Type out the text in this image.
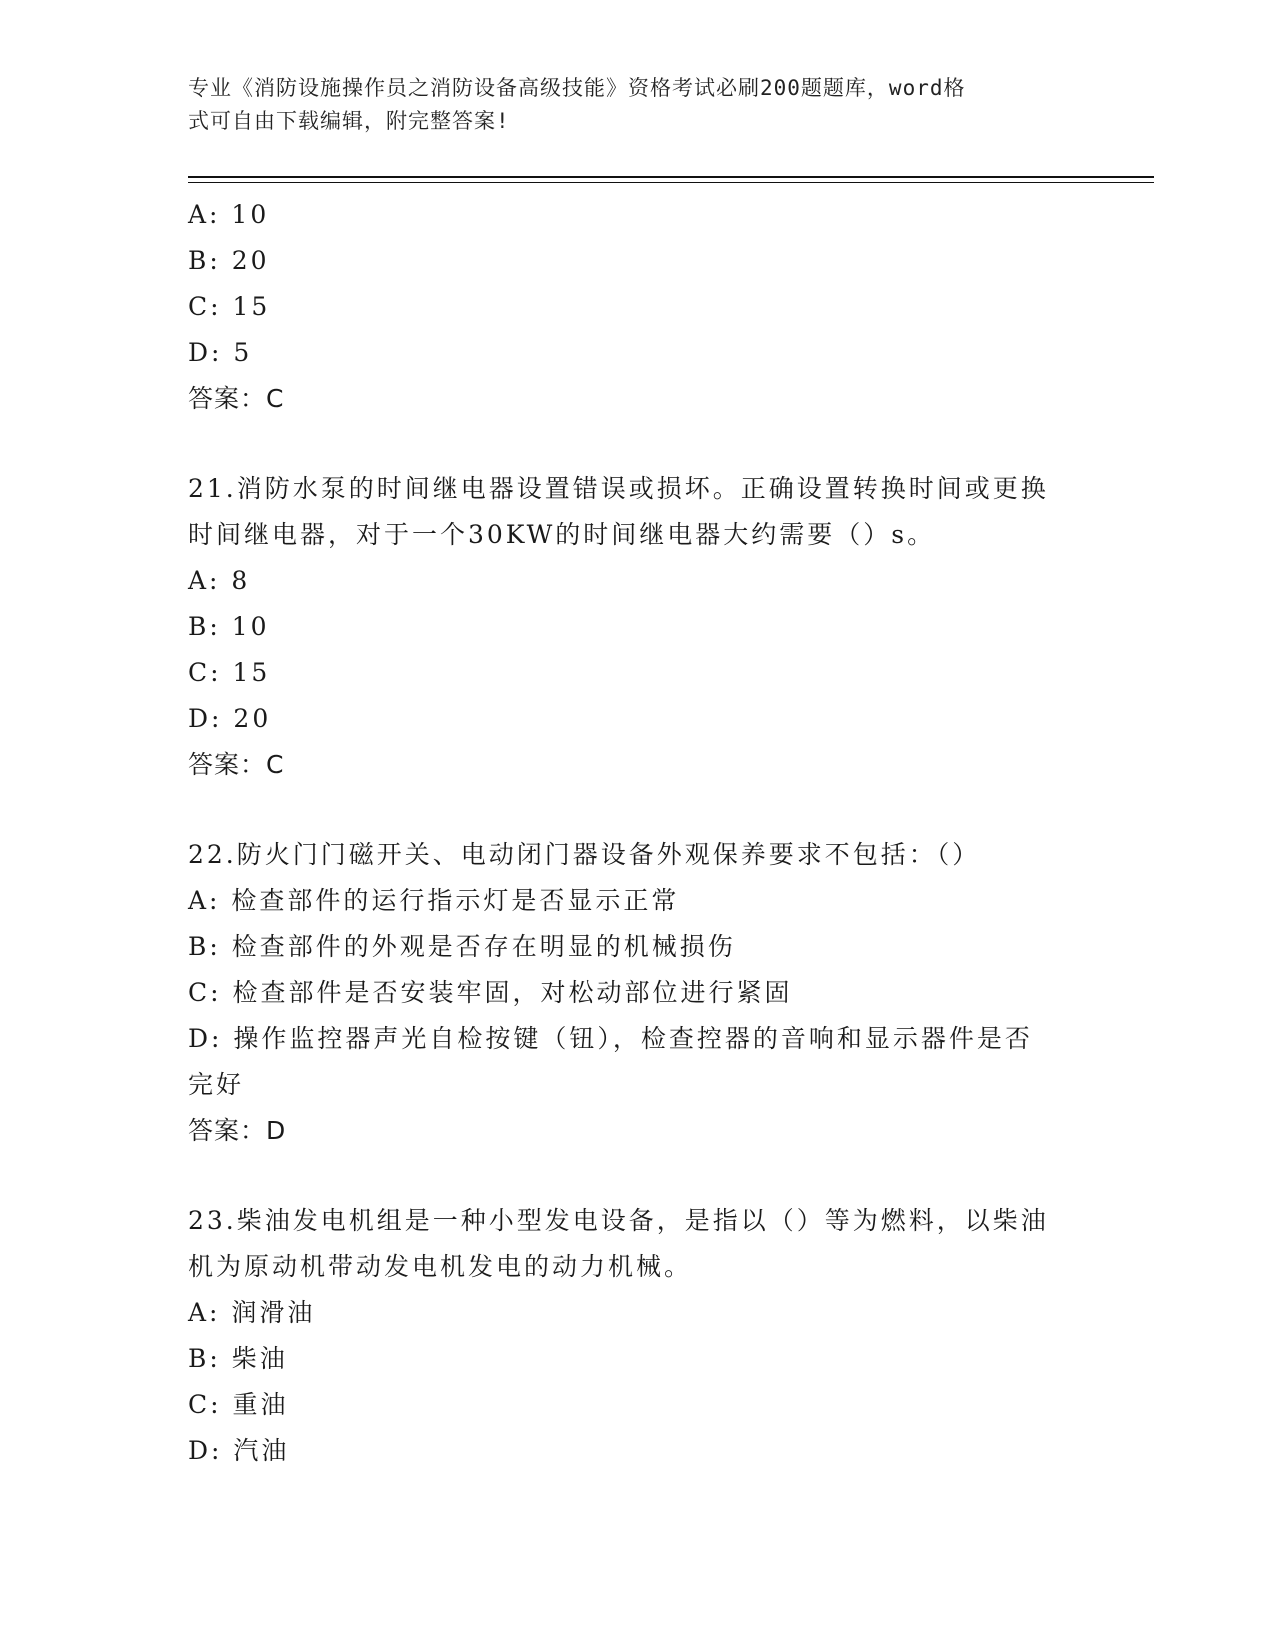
专业《消防设施操作员之消防设备高级技能》资格考试必刷200题题库，word格
式可自由下载编辑，附完整答案!
A: 10
B: 20
C: 15
D: 5
答案：C
21.消防水泵的时间继电器设置错误或损坏。正确设置转换时间或更换
时间继电器，对于一个30KW的时间继电器大约需要（）s。
A: 8
B: 10
C: 15
D: 20
答案：C
22.防火门门磁开关、电动闭门器设备外观保养要求不包括：（）
A: 检查部件的运行指示灯是否显示正常
B: 检查部件的外观是否存在明显的机械损伤
C: 检查部件是否安装牢固，对松动部位进行紧固
D: 操作监控器声光自检按键（钮），检查控器的音响和显示器件是否
完好
答案：D
23.柴油发电机组是一种小型发电设备，是指以（）等为燃料，以柴油
机为原动机带动发电机发电的动力机械。
A: 润滑油
B: 柴油
C: 重油
D: 汽油
